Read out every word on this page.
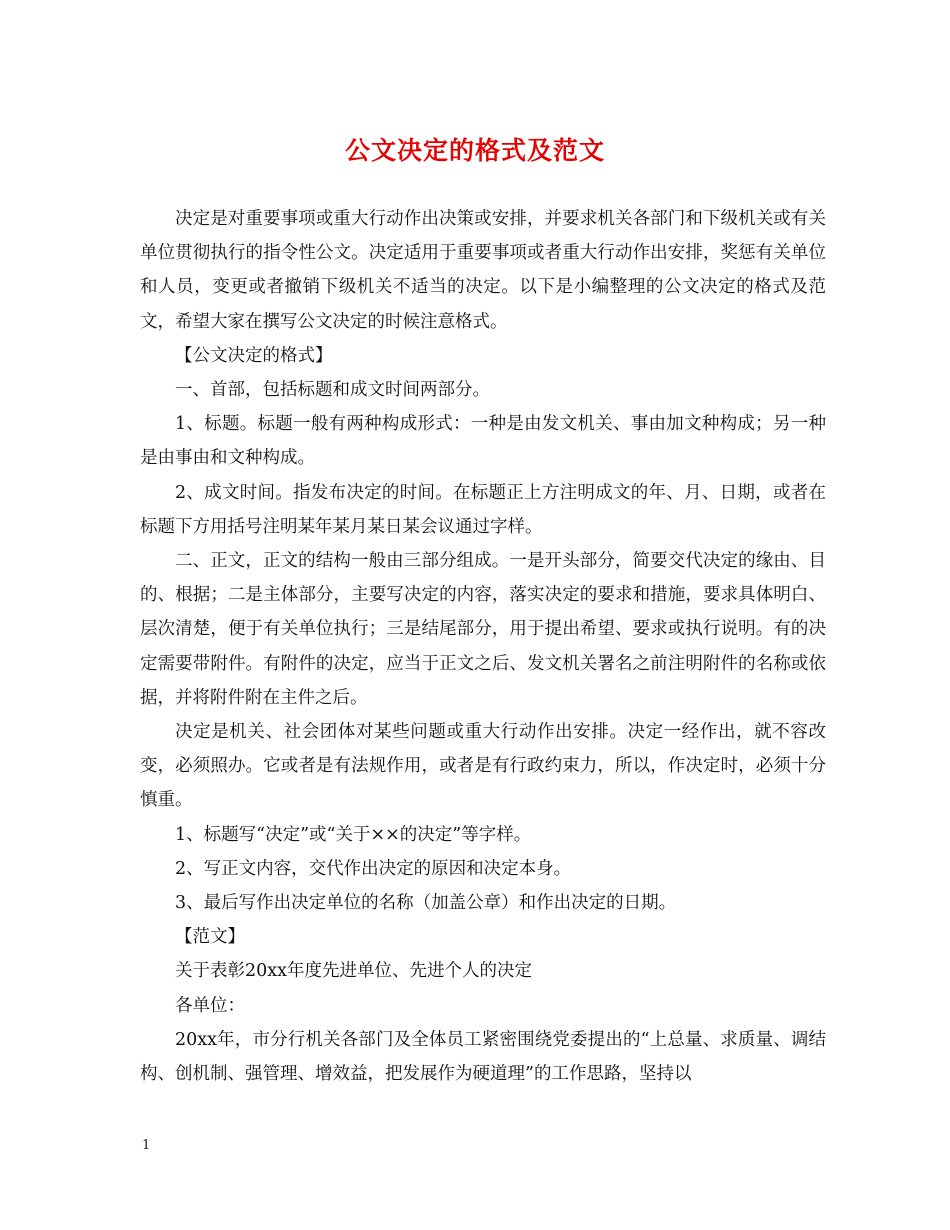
公文决定的格式及范文

决定是对重要事项或重大行动作出决策或安排，并要求机关各部门和下级机关或有关单位贯彻执行的指令性公文。决定适用于重要事项或者重大行动作出安排，奖惩有关单位和人员，变更或者撤销下级机关不适当的决定。以下是小编整理的公文决定的格式及范文，希望大家在撰写公文决定的时候注意格式。

【公文决定的格式】

一、首部，包括标题和成文时间两部分。

1、标题。标题一般有两种构成形式：一种是由发文机关、事由加文种构成；另一种是由事由和文种构成。

2、成文时间。指发布决定的时间。在标题正上方注明成文的年、月、日期，或者在标题下方用括号注明某年某月某日某会议通过字样。

二、正文，正文的结构一般由三部分组成。一是开头部分，简要交代决定的缘由、目的、根据；二是主体部分，主要写决定的内容，落实决定的要求和措施，要求具体明白、层次清楚，便于有关单位执行；三是结尾部分，用于提出希望、要求或执行说明。有的决定需要带附件。有附件的决定，应当于正文之后、发文机关署名之前注明附件的名称或依据，并将附件附在主件之后。

决定是机关、社会团体对某些问题或重大行动作出安排。决定一经作出，就不容改变，必须照办。它或者是有法规作用，或者是有行政约束力，所以，作决定时，必须十分慎重。

1、标题写“决定”或“关于××的决定”等字样。

2、写正文内容，交代作出决定的原因和决定本身。

3、最后写作出决定单位的名称（加盖公章）和作出决定的日期。

【范文】

关于表彰20xx年度先进单位、先进个人的决定

各单位：

20xx年，市分行机关各部门及全体员工紧密围绕党委提出的“上总量、求质量、调结构、创机制、强管理、增效益，把发展作为硬道理”的工作思路，坚持以

1
